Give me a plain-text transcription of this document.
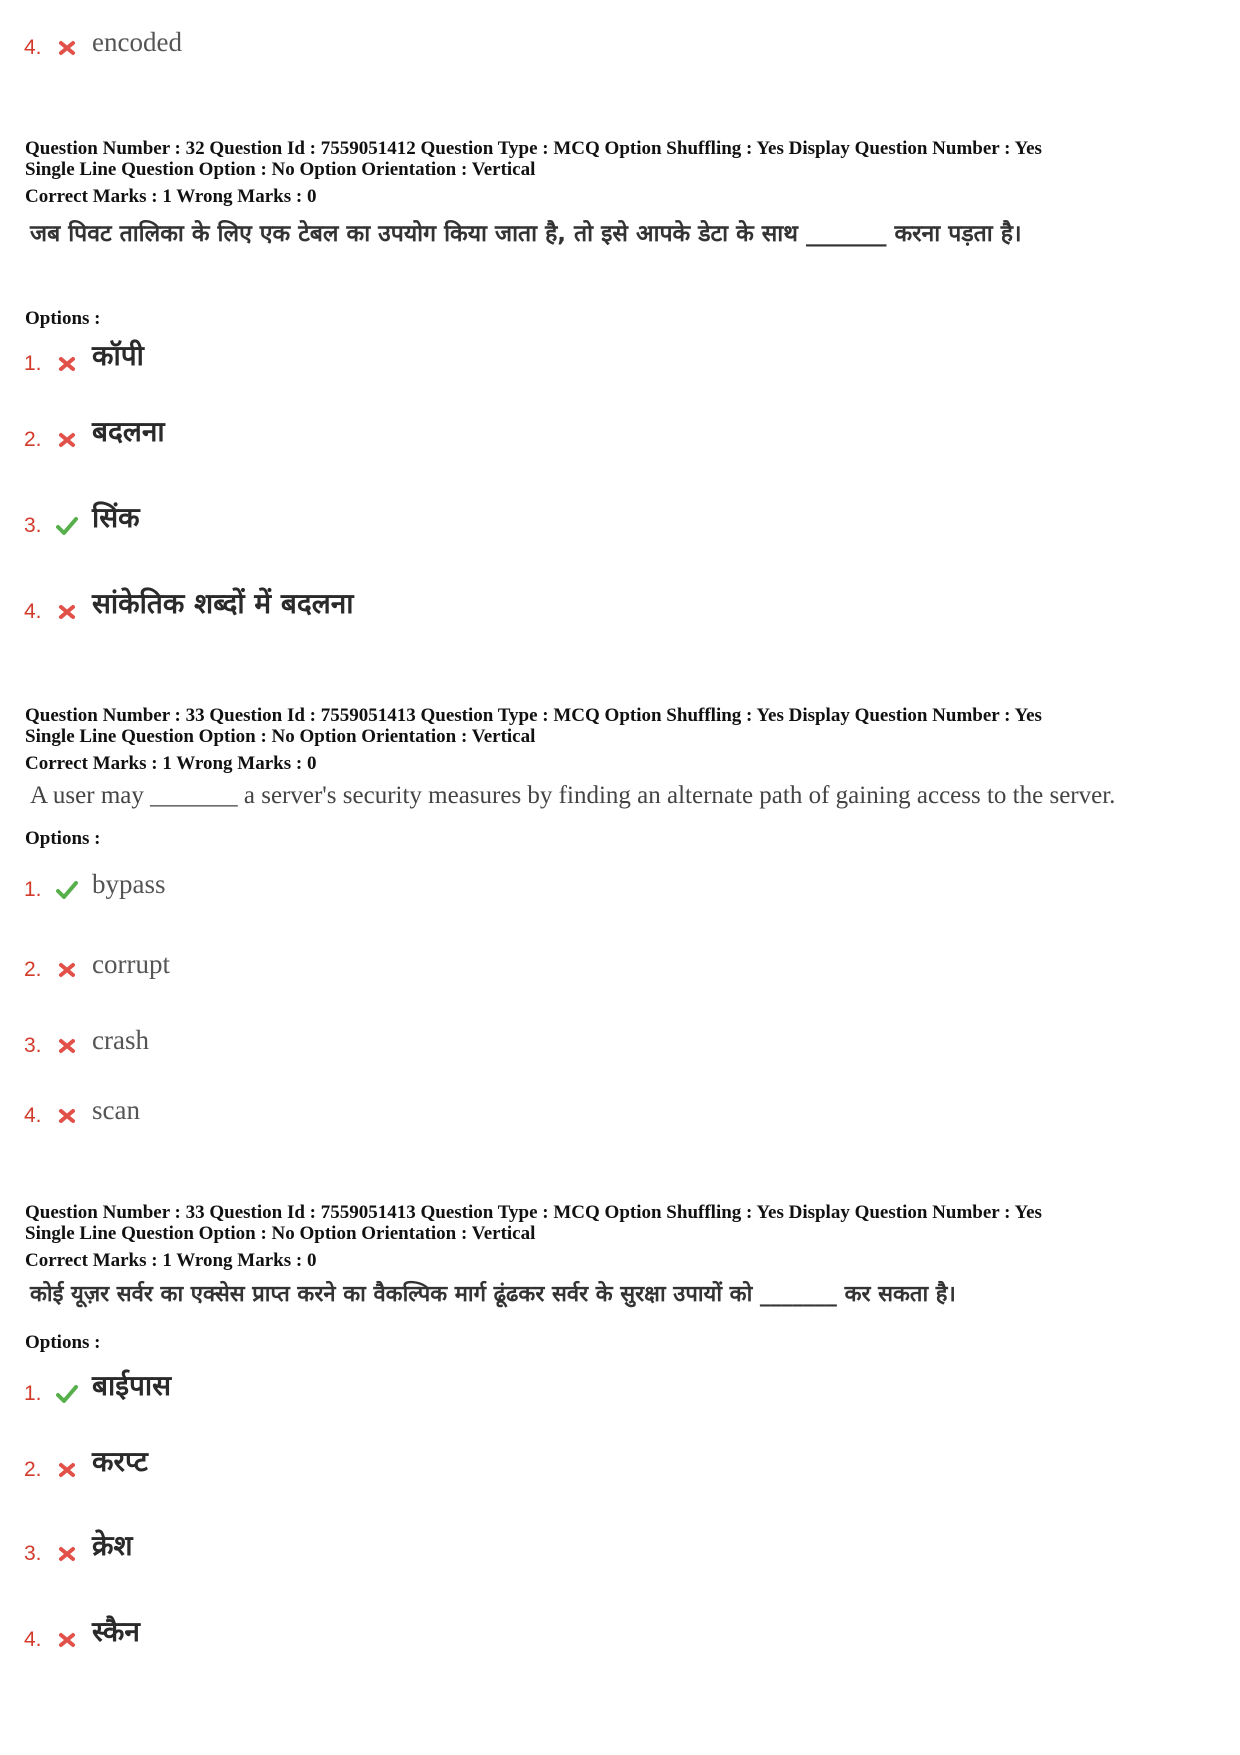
4. encoded
Question Number : 32 Question Id : 7559051412 Question Type : MCQ Option Shuffling : Yes Display Question Number : Yes
Single Line Question Option : No Option Orientation : Vertical
Correct Marks : 1 Wrong Marks : 0
जब पिवट तालिका के लिए एक टेबल का उपयोग किया जाता है, तो इसे आपके डेटा के साथ _______ करना पड़ता है।
Options :
1. कॉपी
2. बदलना
3. सिंक
4. सांकेतिक शब्दों में बदलना
Question Number : 33 Question Id : 7559051413 Question Type : MCQ Option Shuffling : Yes Display Question Number : Yes
Single Line Question Option : No Option Orientation : Vertical
Correct Marks : 1 Wrong Marks : 0
A user may _______ a server's security measures by finding an alternate path of gaining access to the server.
Options :
1. bypass
2. corrupt
3. crash
4. scan
Question Number : 33 Question Id : 7559051413 Question Type : MCQ Option Shuffling : Yes Display Question Number : Yes
Single Line Question Option : No Option Orientation : Vertical
Correct Marks : 1 Wrong Marks : 0
कोई यूज़र सर्वर का एक्सेस प्राप्त करने का वैकल्पिक मार्ग ढूंढकर सर्वर के सुरक्षा उपायों को _______ कर सकता है।
Options :
1. बाईपास
2. करप्ट
3. क्रेश
4. स्कैन
